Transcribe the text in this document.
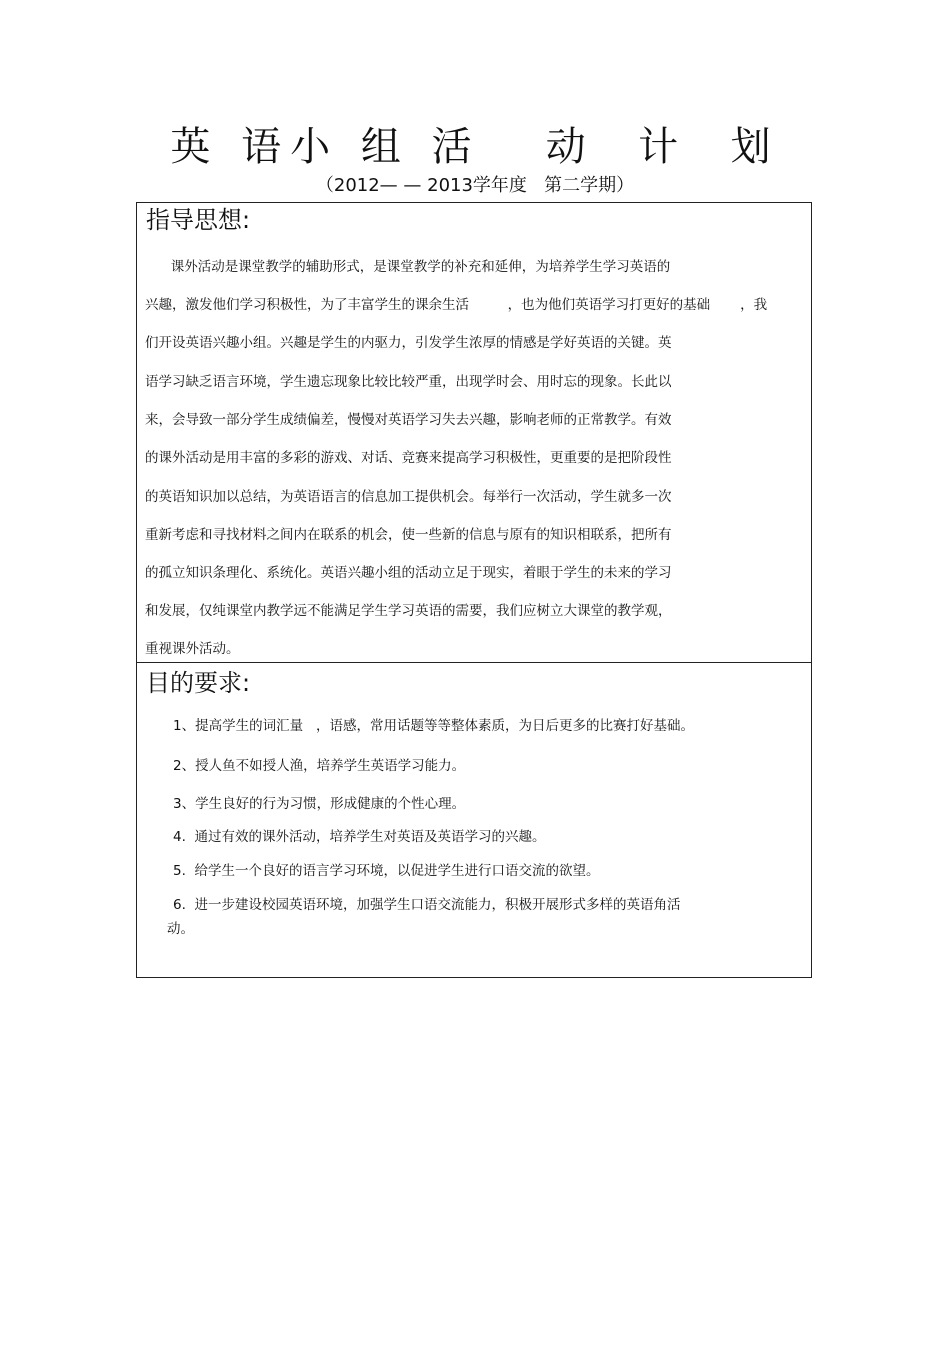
英 语小 组 活   动  计  划
（2012— — 2013学年度   第二学期）
指导思想:
课外活动是课堂教学的辅助形式，是课堂教学的补充和延伸，为培养学生学习英语的
兴趣，激发他们学习积极性，为了丰富学生的课余生活         ，也为他们英语学习打更好的基础       ，我
们开设英语兴趣小组。兴趣是学生的内驱力，引发学生浓厚的情感是学好英语的关键。英
语学习缺乏语言环境，学生遗忘现象比较比较严重，出现学时会、用时忘的现象。长此以
来，会导致一部分学生成绩偏差，慢慢对英语学习失去兴趣，影响老师的正常教学。有效
的课外活动是用丰富的多彩的游戏、对话、竞赛来提高学习积极性，更重要的是把阶段性
的英语知识加以总结，为英语语言的信息加工提供机会。每举行一次活动，学生就多一次
重新考虑和寻找材料之间内在联系的机会，使一些新的信息与原有的知识相联系，把所有
的孤立知识条理化、系统化。英语兴趣小组的活动立足于现实，着眼于学生的未来的学习
和发展，仅纯课堂内教学远不能满足学生学习英语的需要，我们应树立大课堂的教学观，
重视课外活动。
目的要求:
1、提高学生的词汇量   ，语感，常用话题等等整体素质，为日后更多的比赛打好基础。
2、授人鱼不如授人渔，培养学生英语学习能力。
3、学生良好的行为习惯，形成健康的个性心理。
4.  通过有效的课外活动，培养学生对英语及英语学习的兴趣。
5.  给学生一个良好的语言学习环境，以促进学生进行口语交流的欲望。
6.  进一步建设校园英语环境，加强学生口语交流能力，积极开展形式多样的英语角活
动。
